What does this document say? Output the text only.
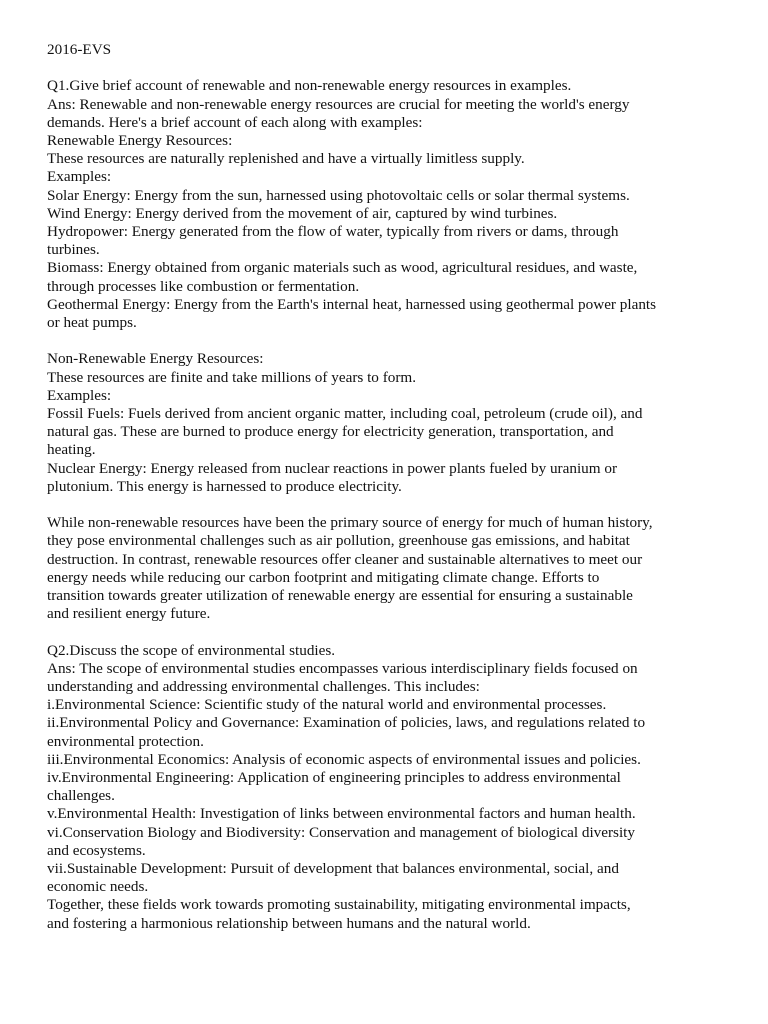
2016-EVS

Q1.Give brief account of renewable and non-renewable energy resources in examples.

Ans: Renewable and non-renewable energy resources are crucial for meeting the world's energy

demands. Here's a brief account of each along with examples:

Renewable Energy Resources:

These resources are naturally replenished and have a virtually limitless supply.

Examples:

Solar Energy: Energy from the sun, harnessed using photovoltaic cells or solar thermal systems.

Wind Energy: Energy derived from the movement of air, captured by wind turbines.

Hydropower: Energy generated from the flow of water, typically from rivers or dams, through

turbines.

Biomass: Energy obtained from organic materials such as wood, agricultural residues, and waste,

through processes like combustion or fermentation.

Geothermal Energy: Energy from the Earth's internal heat, harnessed using geothermal power plants

or heat pumps.

Non-Renewable Energy Resources:

These resources are finite and take millions of years to form.

Examples:

Fossil Fuels: Fuels derived from ancient organic matter, including coal, petroleum (crude oil), and

natural gas. These are burned to produce energy for electricity generation, transportation, and

heating.

Nuclear Energy: Energy released from nuclear reactions in power plants fueled by uranium or

plutonium. This energy is harnessed to produce electricity.

While non-renewable resources have been the primary source of energy for much of human history,

they pose environmental challenges such as air pollution, greenhouse gas emissions, and habitat

destruction. In contrast, renewable resources offer cleaner and sustainable alternatives to meet our

energy needs while reducing our carbon footprint and mitigating climate change. Efforts to

transition towards greater utilization of renewable energy are essential for ensuring a sustainable

and resilient energy future.

Q2.Discuss the scope of environmental studies.

Ans: The scope of environmental studies encompasses various interdisciplinary fields focused on

understanding and addressing environmental challenges. This includes:

i.Environmental Science: Scientific study of the natural world and environmental processes.

ii.Environmental Policy and Governance: Examination of policies, laws, and regulations related to

environmental protection.

iii.Environmental Economics: Analysis of economic aspects of environmental issues and policies.

iv.Environmental Engineering: Application of engineering principles to address environmental

challenges.

v.Environmental Health: Investigation of links between environmental factors and human health.

vi.Conservation Biology and Biodiversity: Conservation and management of biological diversity

and ecosystems.

vii.Sustainable Development: Pursuit of development that balances environmental, social, and

economic needs.

Together, these fields work towards promoting sustainability, mitigating environmental impacts,

and fostering a harmonious relationship between humans and the natural world.
